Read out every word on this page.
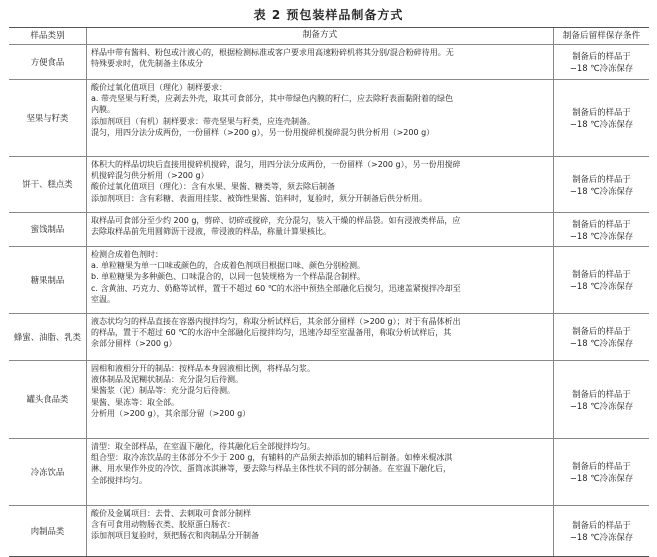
表 2 预包装样品制备方式
样品类别	制备方式	制备后留样保存条件
方便食品
样品中带有酱料、粉包或汁液心的，根据检测标准或客户要求用高速粉碎机将其分别/混合粉碎待用。无
特殊要求时，优先制备主体成分
制备后的样品于
−18 ℃冷冻保存
坚果与籽类
酸价过氧化值项目（理化）制样要求：
a. 带壳坚果与籽类，应剥去外壳，取其可食部分，其中带绿色内膜的籽仁，应去除籽表面黏附着的绿色
内膜。
添加剂项目（有机）制样要求：带壳坚果与籽类，应连壳制备。
混匀，用四分法分成两份，一份留样（>200 g），另一份用搅碎机搅碎混匀供分析用（>200 g）
制备后的样品于
−18 ℃冷冻保存
饼干、糕点类
体积大的样品切块后直接用搅碎机搅碎，混匀，用四分法分成两份，一份留样（>200 g），另一份用搅碎
机搅碎混匀供分析用（>200 g）
酸价过氧化值项目（理化）：含有水果、果酱、糖类等，须去除后制备
添加剂项目：含有彩糖、表面用挂浆、被饰性果酱、馅料时，复验时，须分开制备后供分析用。
制备后的样品于
−18 ℃冷冻保存
蜜饯制品
取样品可食部分至少约 200 g，剪碎、切碎或搅碎，充分混匀，装入干燥的样品袋。如有浸液类样品，应
去除取样品前先用圆筛沥干浸液，带浸液的样品，称量计算果核比。
制备后的样品于
−18 ℃冷冻保存
糖果制品
检测合成着色剂时：
a. 单粒糖果为单一口味或颜色的，合成着色剂项目根据口味、颜色分别检测。
b. 单粒糖果为多种颜色、口味混合的，以同一包装规格为一个样品混合制样。
c. 含黄油、巧克力、奶酪等试样，置于不超过 60 ℃的水浴中预热全部融化后搅匀，迅速盖紧搅拌冷却至
室温。
制备后的样品于
−18 ℃冷冻保存
蜂蜜、油脂、乳类
液态状均匀的样品直接在容器内搅拌均匀，称取分析试样后，其余部分留样（>200 g）；对于有晶体析出
的样品，置于不超过 60 ℃的水浴中全部融化后搅拌均匀，迅速冷却至室温备用，称取分析试样后，其
余部分留样（>200 g）
制备后的样品于
−18 ℃冷冻保存
罐头食品类
固相和液相分开的制品：按样品本身固液相比例，将样品匀浆。
液体制品及泥糊状制品：充分混匀后待测。
果酱浆（泥）制品等：充分混匀后待测。
果酱、果冻等：取全部。
分析用（>200 g），其余部分留（>200 g）
制备后的样品于
−18 ℃冷冻保存
冷冻饮品
清型：取全部样品，在室温下融化，待其融化后全部搅拌均匀。
组合型：取冷冻饮品的主体部分不少于 200 g，有辅料的产品须去掉添加的辅料后制备。如棒米棍冰淇
淋、用水果作外皮的冷饮、蛋筒冰淇淋等，要去除与样品主体性状不同的部分制备。在室温下融化后，
全部搅拌均匀。
制备后的样品于
−18 ℃冷冻保存
肉制品类
酸价及金属项目：去骨、去刺取可食部分制样
含有可食用动物肠衣类、胶原蛋白肠衣：
添加剂项目复验时，须把肠衣和肉制品分开制备
制备后的样品于
−18 ℃冷冻保存
